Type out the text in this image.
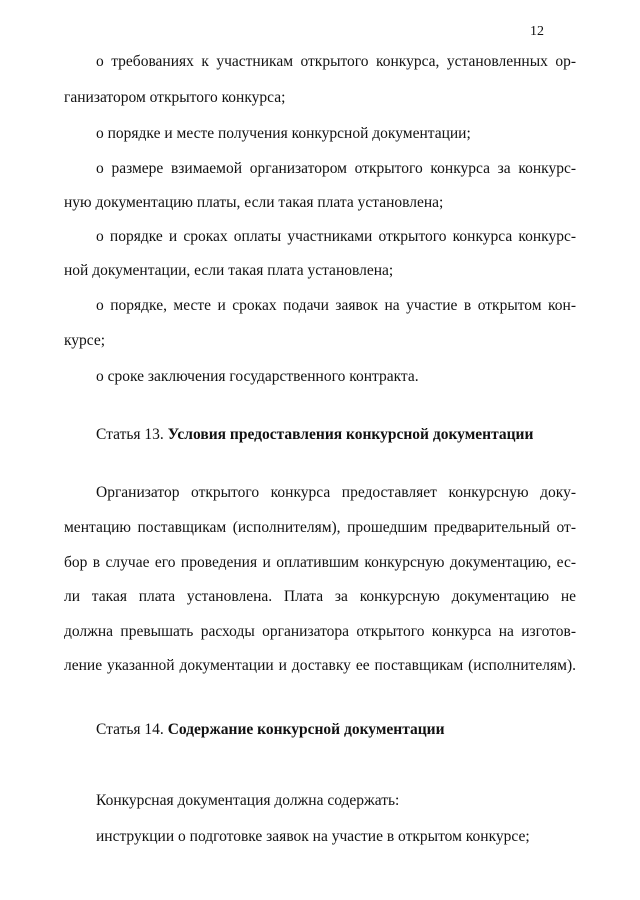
12
о требованиях к участникам открытого конкурса, установленных ор-
ганизатором открытого конкурса;
о порядке и месте получения конкурсной документации;
о размере взимаемой организатором открытого конкурса за конкурс-
ную документацию платы, если такая плата установлена;
о порядке и сроках оплаты участниками открытого конкурса конкурс-
ной документации, если такая плата установлена;
о порядке, месте и сроках подачи заявок на участие в открытом кон-
курсе;
о сроке заключения государственного контракта.
Статья 13. Условия предоставления конкурсной документации
Организатор открытого конкурса предоставляет конкурсную доку-
ментацию поставщикам (исполнителям), прошедшим предварительный от-
бор в случае его проведения и оплатившим конкурсную документацию, ес-
ли такая плата установлена. Плата за конкурсную документацию не
должна превышать расходы организатора открытого конкурса на изготов-
ление указанной документации и доставку ее поставщикам (исполнителям).
Статья 14. Содержание конкурсной документации
Конкурсная документация должна содержать:
инструкции о подготовке заявок на участие в открытом конкурсе;
